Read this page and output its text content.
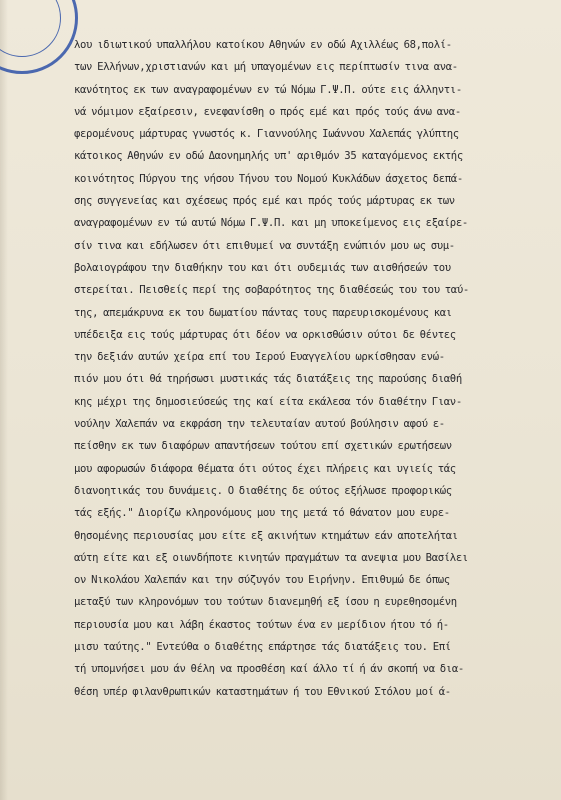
λου ιδιωτικού υπαλλήλου κατοίκου Αθηνών εν οδώ Αχιλλέως 68,πολί-
των Ελλήνων,χριστιανών και μή υπαγομένων εις περίπτωσίν τινα ανα-
κανότητος εκ των αναγραφομένων εν τώ Νόμω Γ.Ψ.Π. ούτε εις άλληντι-
νά νόμιμον εξαίρεσιν, ενεφανίσθη ο πρός εμέ και πρός τούς άνω ανα-
φερομένους μάρτυρας γνωστός κ. Γιαννούλης Ιωάννου Χαλεπάς γλύπτης
κάτοικος Αθηνών εν οδώ Δαονημηλής υπ' αριθμόν 35 καταγόμενος εκτής
κοινότητος Πύργου της νήσου Τήνου του Νομού Κυκλάδων άσχετος δεπά-
σης συγγενείας και σχέσεως πρός εμέ και πρός τούς μάρτυρας εκ των
αναγραφομένων εν τώ αυτώ Νόμω Γ.Ψ.Π. και μη υποκείμενος εις εξαίρε-
σίν τινα και εδήλωσεν ότι επιθυμεί να συντάξη ενώπιόν μου ως συμ-
βολαιογράφου την διαθήκην του και ότι ουδεμιάς των αισθήσεών του
στερείται. Πεισθείς περί της σοβαρότητος της διαθέσεώς του του ταύ-
της, απεμάκρυνα εκ του δωματίου πάντας τους παρευρισκομένους και
υπέδειξα εις τούς μάρτυρας ότι δέον να ορκισθώσιν ούτοι δε θέντες
την δεξιάν αυτών χείρα επί του Ιερού Ευαγγελίου ωρκίσθησαν ενώ-
πιόν μου ότι θά τηρήσωσι μυστικάς τάς διατάξεις της παρούσης διαθή
κης μέχρι της δημοσιεύσεώς της καί είτα εκάλεσα τόν διαθέτην Γιαν-
νούλην Χαλεπάν να εκφράση την τελευταίαν αυτού βούλησιν αφού ε-
πείσθην εκ των διαφόρων απαντήσεων τούτου επί σχετικών ερωτήσεων
μου αφορωσών διάφορα θέματα ότι ούτος έχει πλήρεις και υγιείς τάς
διανοητικάς του δυνάμεις. Ο διαθέτης δε ούτος εξήλωσε προφορικώς
τάς εξής." Διορίζω κληρονόμους μου της μετά τό θάνατον μου ευρε-
θησομένης περιουσίας μου είτε εξ ακινήτων κτημάτων εάν αποτελήται
αύτη είτε και εξ οιωνδήποτε κινητών πραγμάτων τα ανεψια μου Βασίλει
ον Νικολάου Χαλεπάν και την σύζυγόν του Ειρήνην. Επιθυμώ δε όπως
μεταξύ των κληρονόμων του τούτων διανεμηθή εξ ίσου η ευρεθησομένη
περιουσία μου και λάβη έκαστος τούτων ένα εν μερίδιον ήτου τό ή-
μισυ ταύτης." Εντεύθα ο διαθέτης επάρτησε τάς διατάξεις του. Επί
τή υπομνήσει μου άν θέλη να προσθέση καί άλλο τί ή άν σκοπή να δια-
θέση υπέρ φιλανθρωπικών καταστημάτων ή του Εθνικού Στόλου μοί ά-
